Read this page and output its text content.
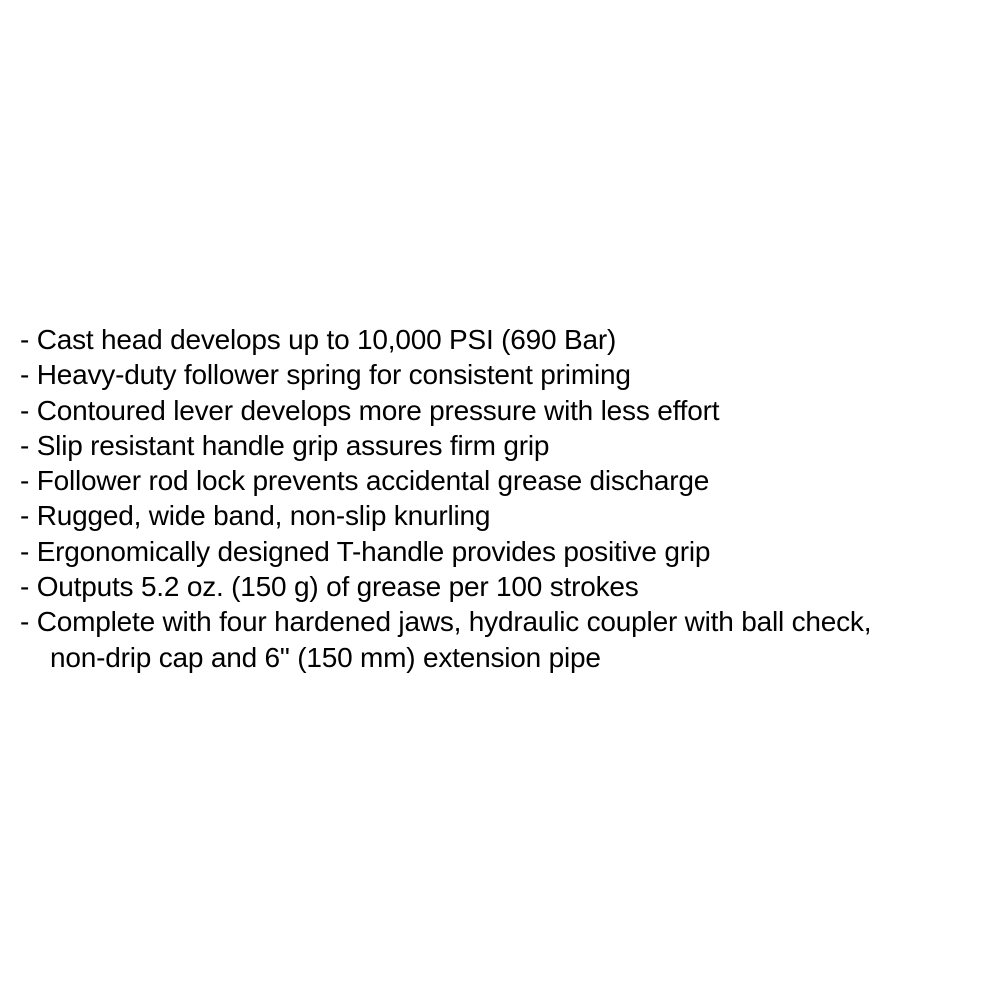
- Cast head develops up to 10,000 PSI (690 Bar)
- Heavy-duty follower spring for consistent priming
- Contoured lever develops more pressure with less effort
- Slip resistant handle grip assures firm grip
- Follower rod lock prevents accidental grease discharge
- Rugged, wide band, non-slip knurling
- Ergonomically designed T-handle provides positive grip
- Outputs 5.2 oz. (150 g) of grease per 100 strokes
- Complete with four hardened jaws, hydraulic coupler with ball check,
non-drip cap and 6" (150 mm) extension pipe
